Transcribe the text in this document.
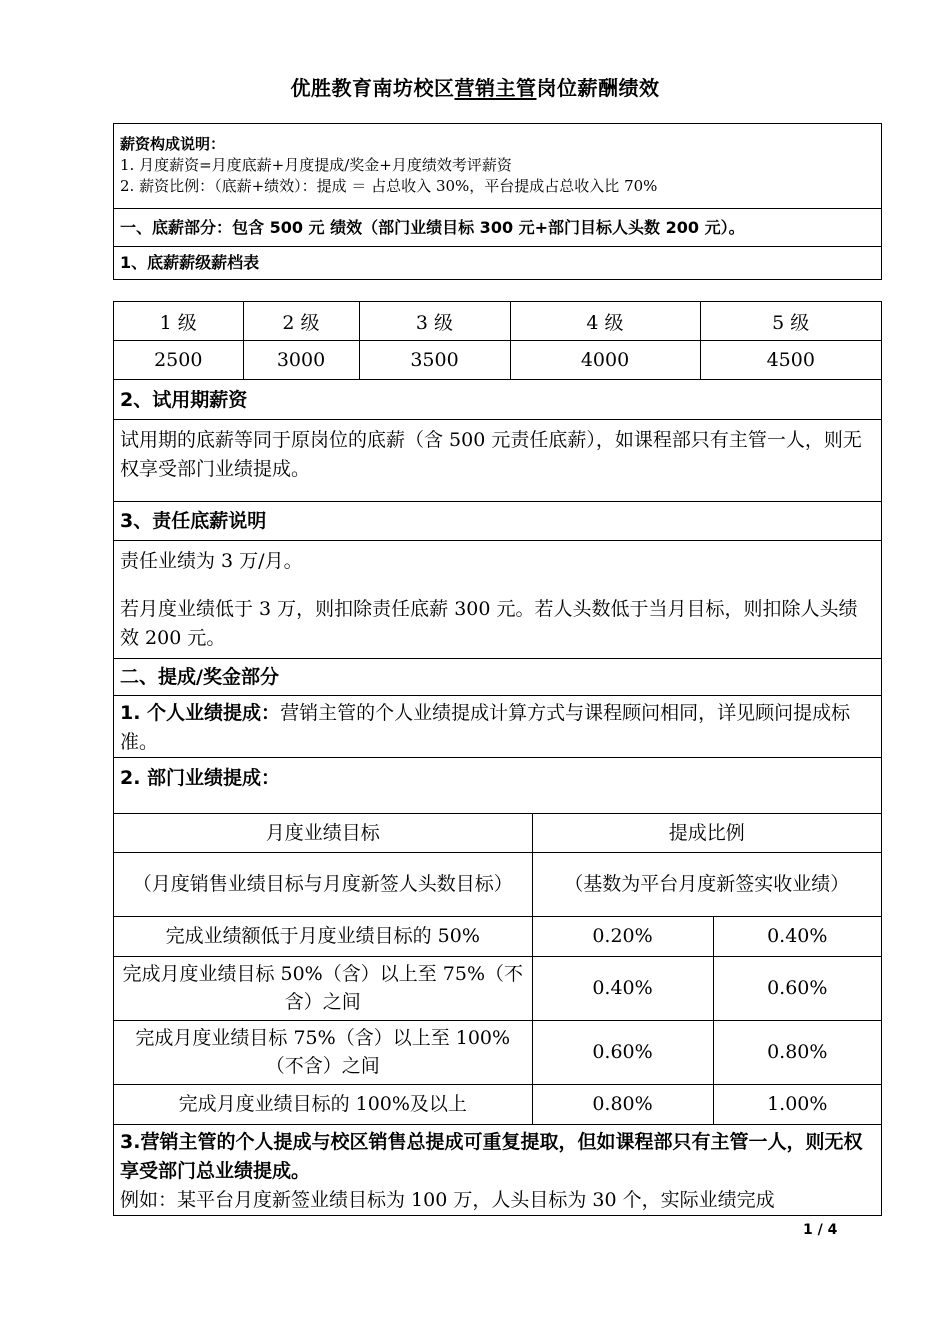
优胜教育南坊校区营销主管岗位薪酬绩效
薪资构成说明：
1. 月度薪资=月度底薪+月度提成/奖金+月度绩效考评薪资
2. 薪资比例：（底薪+绩效）：提成 ＝ 占总收入 30%，平台提成占总收入比 70%
一、底薪部分：包含 500 元 绩效（部门业绩目标 300 元+部门目标人头数 200 元）。
1、底薪薪级薪档表
1 级	2 级	3 级	4 级	5 级
2500	3000	3500	4000	4500
2、试用期薪资
试用期的底薪等同于原岗位的底薪（含 500 元责任底薪），如课程部只有主管一人，则无权享受部门业绩提成。
3、责任底薪说明
责任业绩为 3 万/月。
若月度业绩低于 3 万，则扣除责任底薪 300 元。若人头数低于当月目标，则扣除人头绩效 200 元。
二、提成/奖金部分
1. 个人业绩提成：营销主管的个人业绩提成计算方式与课程顾问相同，详见顾问提成标准。
2. 部门业绩提成：
月度业绩目标	提成比例	
（月度销售业绩目标与月度新签人头数目标）	（基数为平台月度新签实收业绩）	
完成业绩额低于月度业绩目标的 50%	0.20%	0.40%
完成月度业绩目标 50%（含）以上至 75%（不含）之间	0.40%	0.60%
完成月度业绩目标 75%（含）以上至 100%（不含）之间	0.60%	0.80%
完成月度业绩目标的 100%及以上	0.80%	1.00%
3.营销主管的个人提成与校区销售总提成可重复提取，但如课程部只有主管一人，则无权享受部门总业绩提成。
例如：某平台月度新签业绩目标为 100 万，人头目标为 30 个，实际业绩完成
1 / 4
